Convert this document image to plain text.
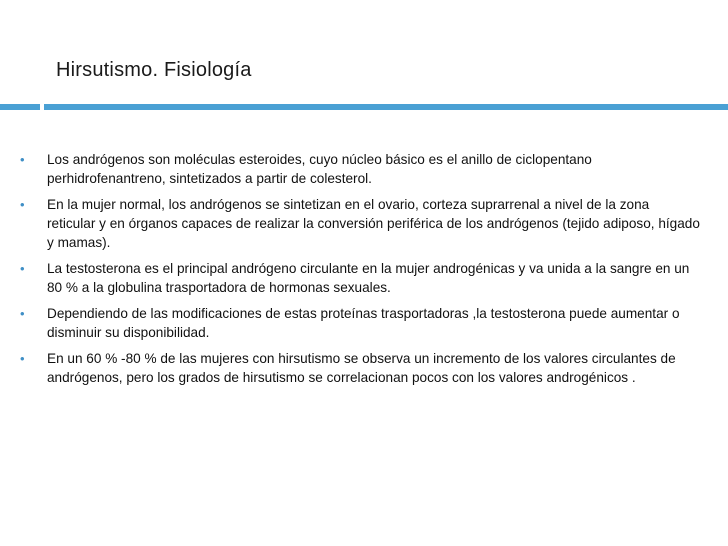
Hirsutismo. Fisiología
•	Los andrógenos son moléculas esteroides, cuyo núcleo básico es el anillo de ciclopentano perhidrofenantreno, sintetizados a partir de colesterol.
•	En la mujer normal, los andrógenos se sintetizan en el ovario, corteza suprarrenal a nivel de la zona reticular y en órganos capaces de realizar la conversión periférica de los andrógenos (tejido adiposo, hígado y mamas).
•	La testosterona es el principal andrógeno circulante en la mujer androgénicas y va unida a la sangre en un 80 % a la globulina trasportadora de hormonas sexuales.
•	Dependiendo de las modificaciones de estas proteínas trasportadoras ,la testosterona puede aumentar o disminuir su disponibilidad.
•	En un 60 % -80 % de las mujeres con hirsutismo se observa un incremento de los valores circulantes de andrógenos, pero los grados de hirsutismo se correlacionan pocos con los valores androgénicos .
